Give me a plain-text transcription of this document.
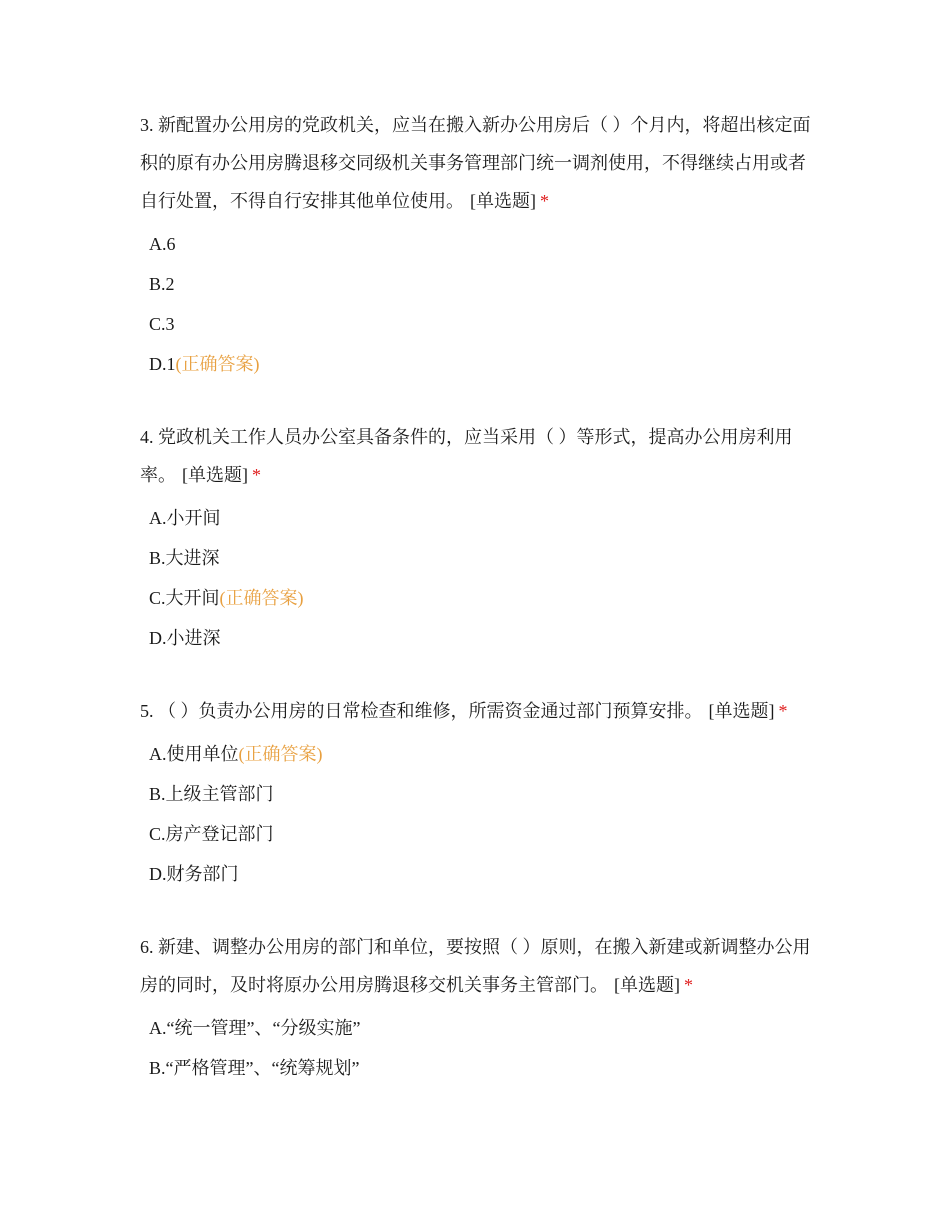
3. 新配置办公用房的党政机关，应当在搬入新办公用房后（ ）个月内，将超出核定面积的原有办公用房腾退移交同级机关事务管理部门统一调剂使用，不得继续占用或者自行处置，不得自行安排其他单位使用。 [单选题] *

A.6
B.2
C.3
D.1(正确答案)

4. 党政机关工作人员办公室具备条件的，应当采用（ ）等形式，提高办公用房利用率。 [单选题] *

A.小开间
B.大进深
C.大开间(正确答案)
D.小进深

5. （ ）负责办公用房的日常检查和维修，所需资金通过部门预算安排。 [单选题] *

A.使用单位(正确答案)
B.上级主管部门
C.房产登记部门
D.财务部门

6. 新建、调整办公用房的部门和单位，要按照（ ）原则，在搬入新建或新调整办公用房的同时，及时将原办公用房腾退移交机关事务主管部门。 [单选题] *

A.“统一管理”、“分级实施”
B.“严格管理”、“统筹规划”
